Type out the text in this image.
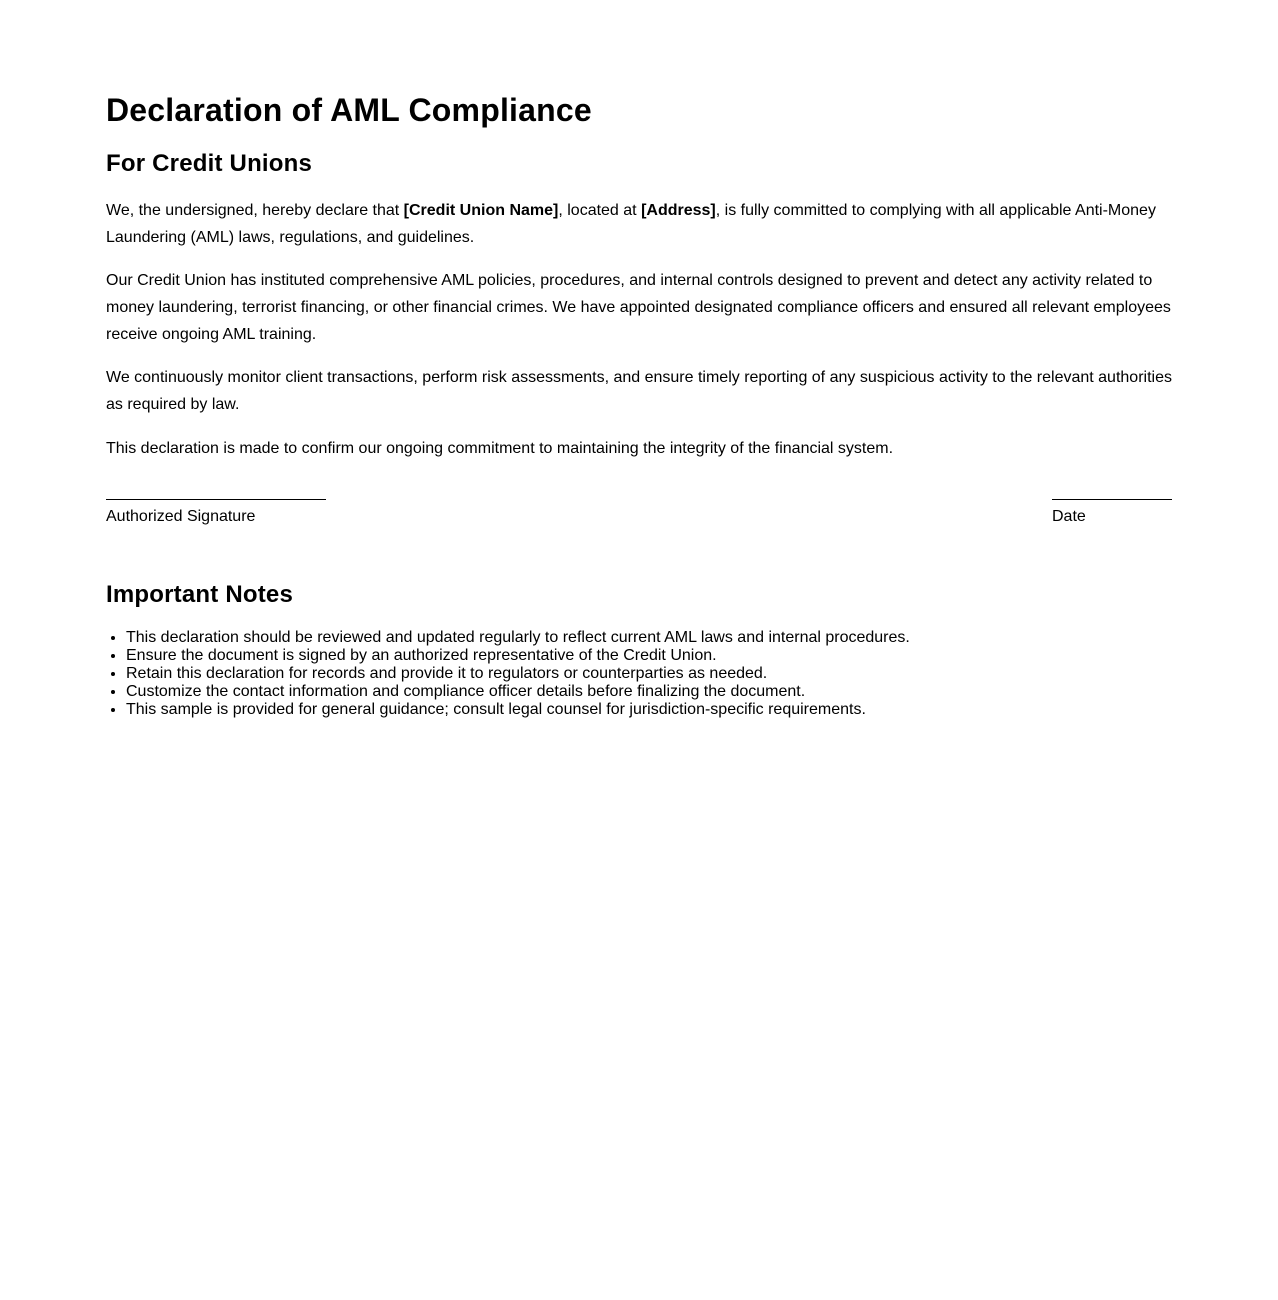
Declaration of AML Compliance
For Credit Unions

We, the undersigned, hereby declare that [Credit Union Name], located at [Address], is fully committed to complying with all applicable Anti-Money Laundering (AML) laws, regulations, and guidelines.

Our Credit Union has instituted comprehensive AML policies, procedures, and internal controls designed to prevent and detect any activity related to money laundering, terrorist financing, or other financial crimes. We have appointed designated compliance officers and ensured all relevant employees receive ongoing AML training.

We continuously monitor client transactions, perform risk assessments, and ensure timely reporting of any suspicious activity to the relevant authorities as required by law.

This declaration is made to confirm our ongoing commitment to maintaining the integrity of the financial system.

Authorized Signature	Date
Important Notes
• This declaration should be reviewed and updated regularly to reflect current AML laws and internal procedures.
• Ensure the document is signed by an authorized representative of the Credit Union.
• Retain this declaration for records and provide it to regulators or counterparties as needed.
• Customize the contact information and compliance officer details before finalizing the document.
• This sample is provided for general guidance; consult legal counsel for jurisdiction-specific requirements.
